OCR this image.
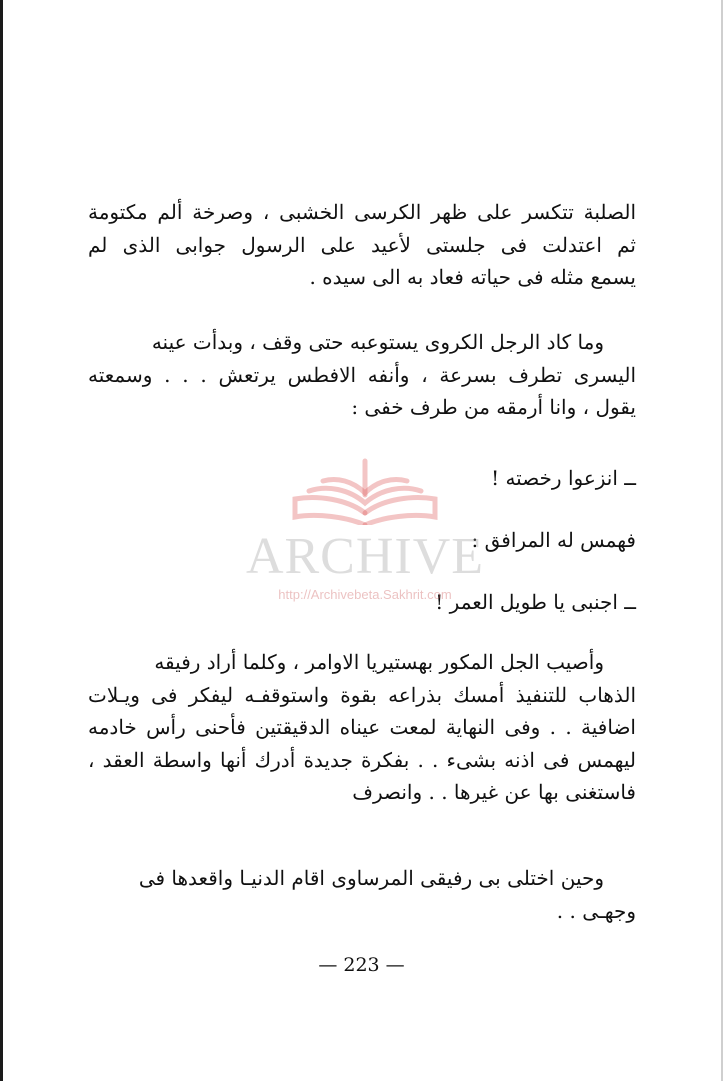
الصلبة تتكسر على ظهر الكرسى الخشبى ، وصرخة ألم مكتومة
ثم اعتدلت فى جلستى لأعيد على الرسول جوابى الذى لم
يسمع مثله فى حياته فعاد به الى سيده .
وما كاد الرجل الكروى يستوعبه حتى وقف ، وبدأت عينه
اليسرى تطرف بسرعة ، وأنفه الافطس يرتعش . . . وسمعته
يقول ، وانا أرمقه من طرف خفى :
ــ انزعوا رخصته !
فهمس له المرافق :
ــ اجنبى يا طويل العمر !
وأصيب الجل المكور بهستيريا الاوامر ، وكلما أراد رفيقه
الذهاب للتنفيذ أمسك بذراعه بقوة واستوقفـه ليفكر فى ويـلات
اضافية . . وفى النهاية لمعت عيناه الدقيقتين فأحنى رأس خادمه
ليهمس فى اذنه بشىء . . بفكرة جديدة أدرك أنها واسطة العقد ،
فاستغنى بها عن غيرها . . وانصرف
وحين اختلى بى رفيقى المرساوى اقام الدنيـا واقعدها فى
وجهـى . .
— 223 —
ARCHIVE
http://Archivebeta.Sakhrit.com
